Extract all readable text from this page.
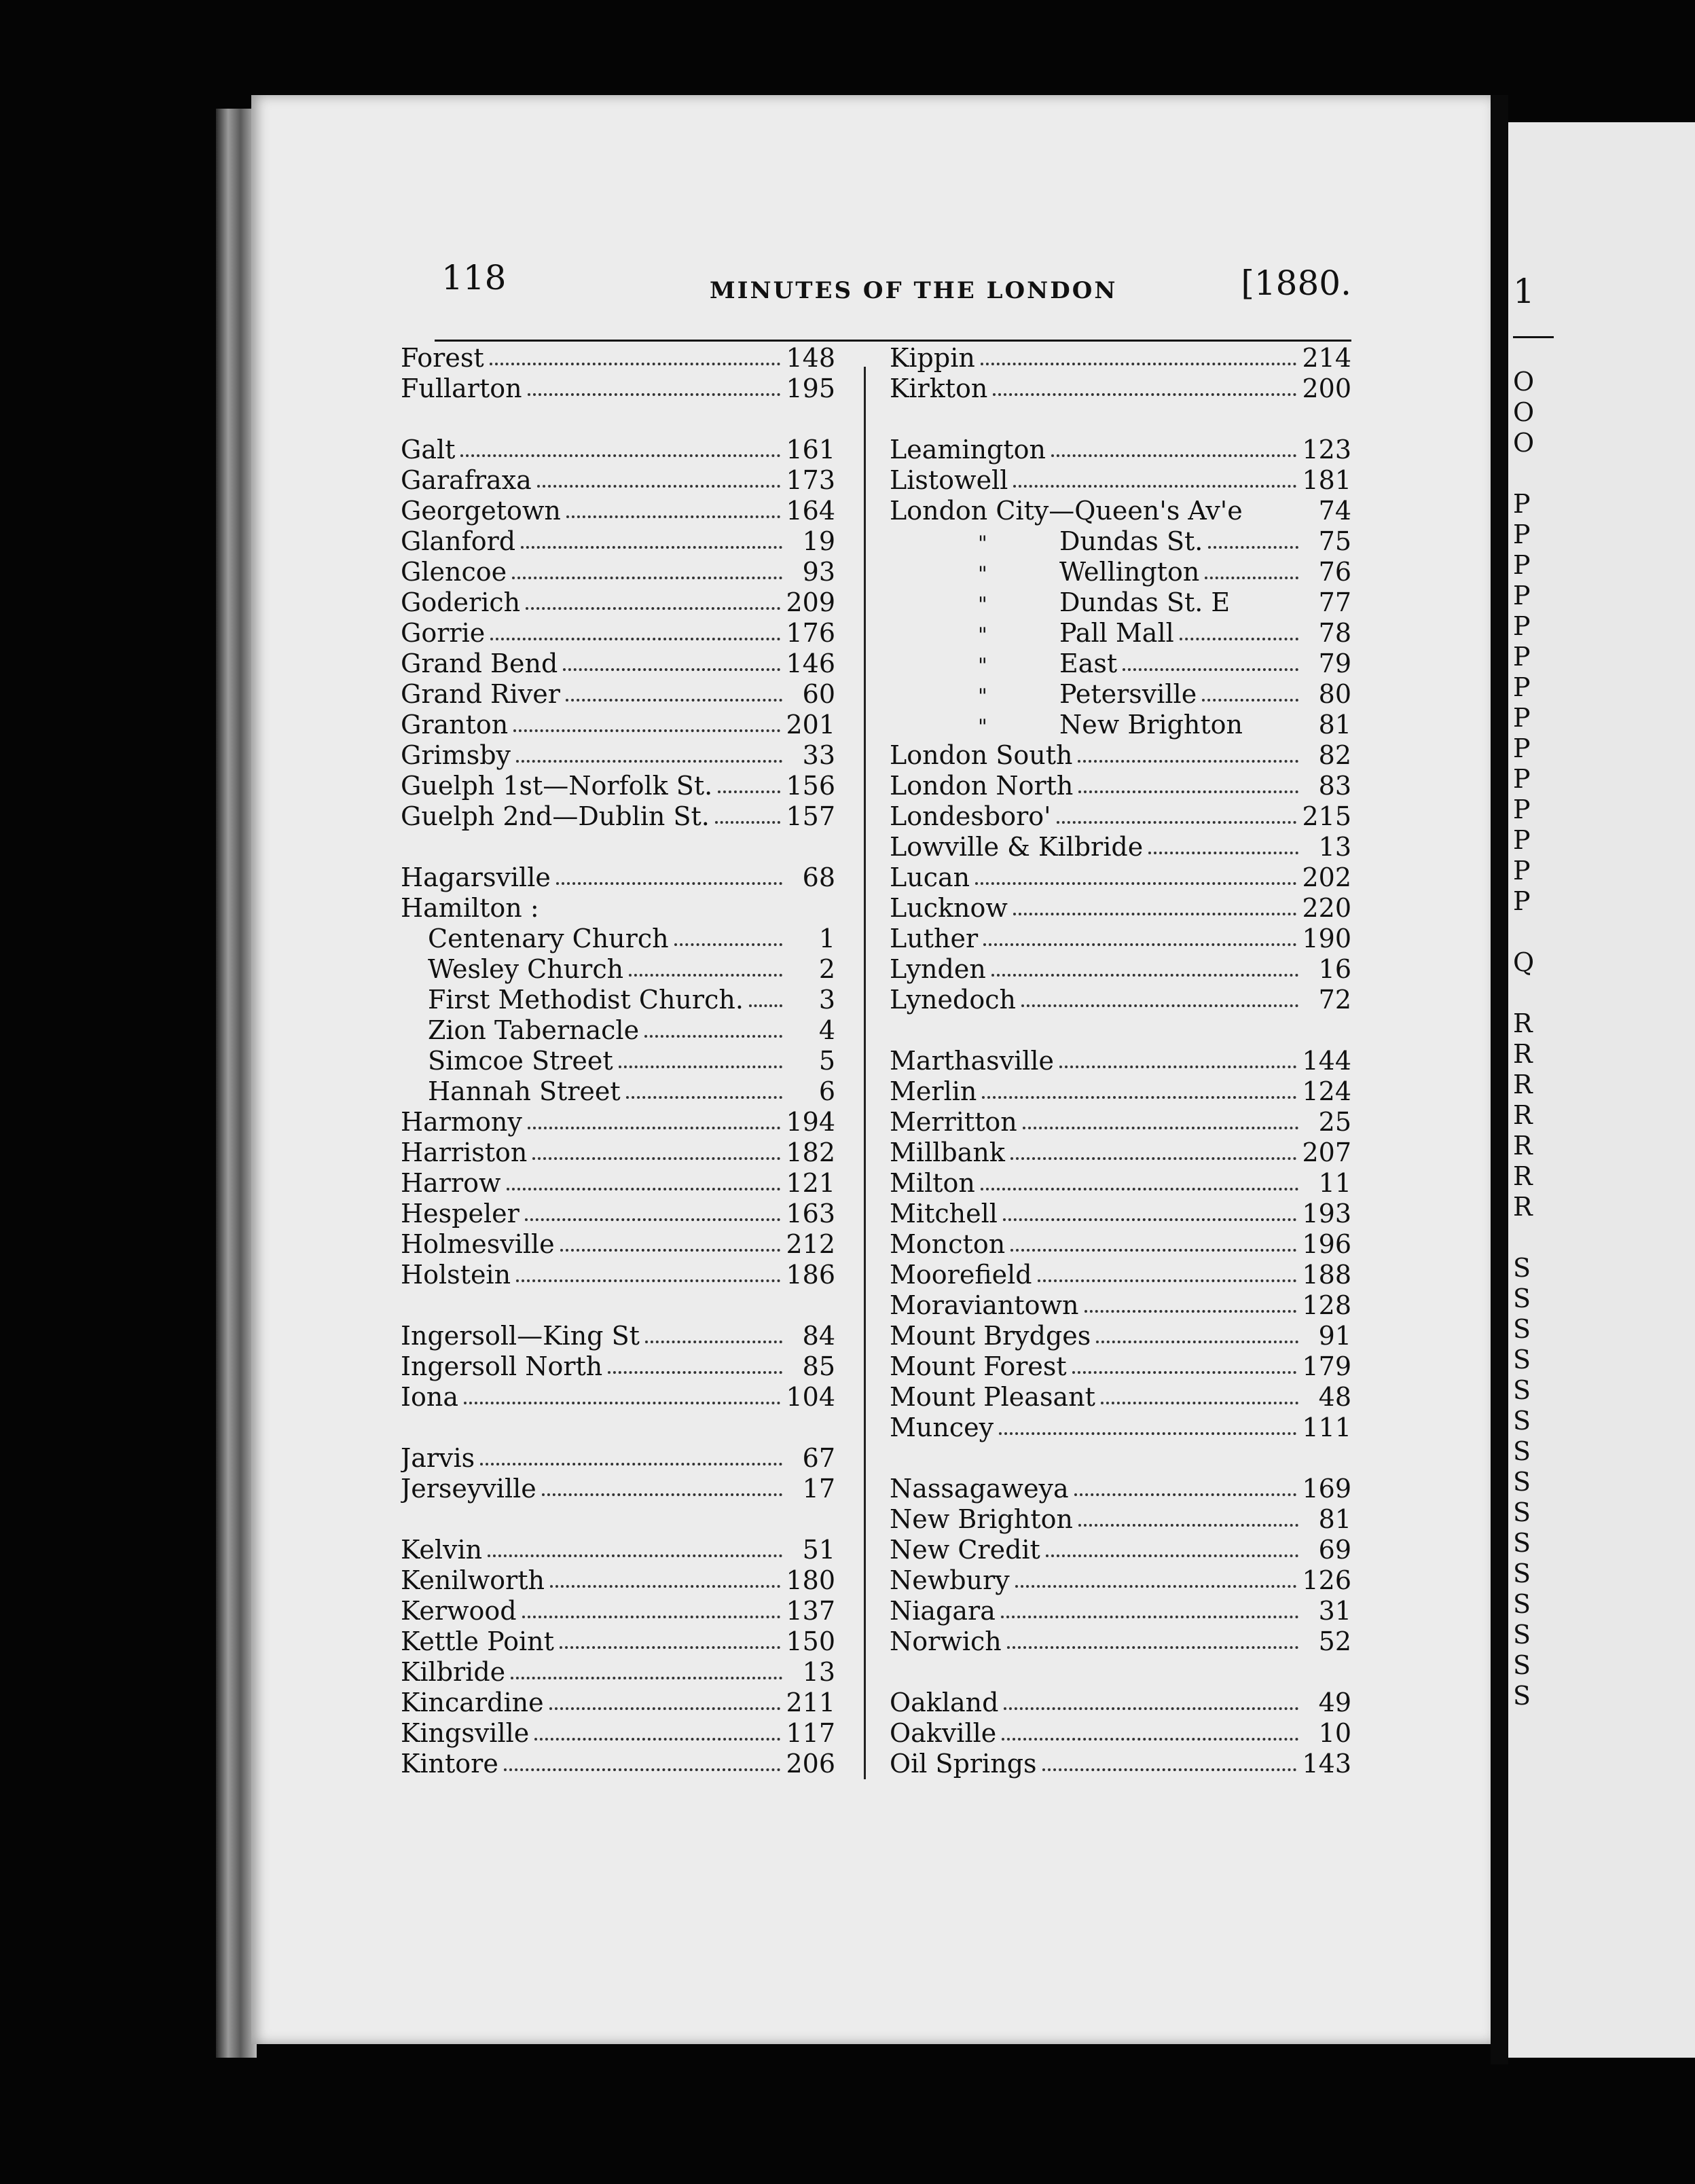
118	MINUTES OF THE LONDON	[1880.
Forest	148
Fullarton	195
Galt	161
Garafraxa	173
Georgetown	164
Glanford	19
Glencoe	93
Goderich	209
Gorrie	176
Grand Bend	146
Grand River	60
Granton	201
Grimsby	33
Guelph 1st—Norfolk St.	156
Guelph 2nd—Dublin St.	157
Hagarsville	68
Hamilton :
Centenary Church	1
Wesley Church	2
First Methodist Church.	3
Zion Tabernacle	4
Simcoe Street	5
Hannah Street	6
Harmony	194
Harriston	182
Harrow	121
Hespeler	163
Holmesville	212
Holstein	186
Ingersoll—King St	84
Ingersoll North	85
Iona	104
Jarvis	67
Jerseyville	17
Kelvin	51
Kenilworth	180
Kerwood	137
Kettle Point	150
Kilbride	13
Kincardine	211
Kingsville	117
Kintore	206
Kippin	214
Kirkton	200
Leamington	123
Listowell	181
London City—Queen's Av'e	74
"	Dundas St.	75
"	Wellington	76
"	Dundas St. E	77
"	Pall Mall	78
"	East	79
"	Petersville	80
"	New Brighton	81
London South	82
London North	83
Londesboro'	215
Lowville & Kilbride	13
Lucan	202
Lucknow	220
Luther	190
Lynden	16
Lynedoch	72
Marthasville	144
Merlin	124
Merritton	25
Millbank	207
Milton	11
Mitchell	193
Moncton	196
Moorefield	188
Moraviantown	128
Mount Brydges	91
Mount Forest	179
Mount Pleasant	48
Muncey	111
Nassagaweya	169
New Brighton	81
New Credit	69
Newbury	126
Niagara	31
Norwich	52
Oakland	49
Oakville	10
Oil Springs	143
1
O
O
O
P
P
P
P
P
P
P
P
P
P
P
P
P
P
Q
R
R
R
R
R
R
R
S
S
S
S
S
S
S
S
S
S
S
S
S
S
S
